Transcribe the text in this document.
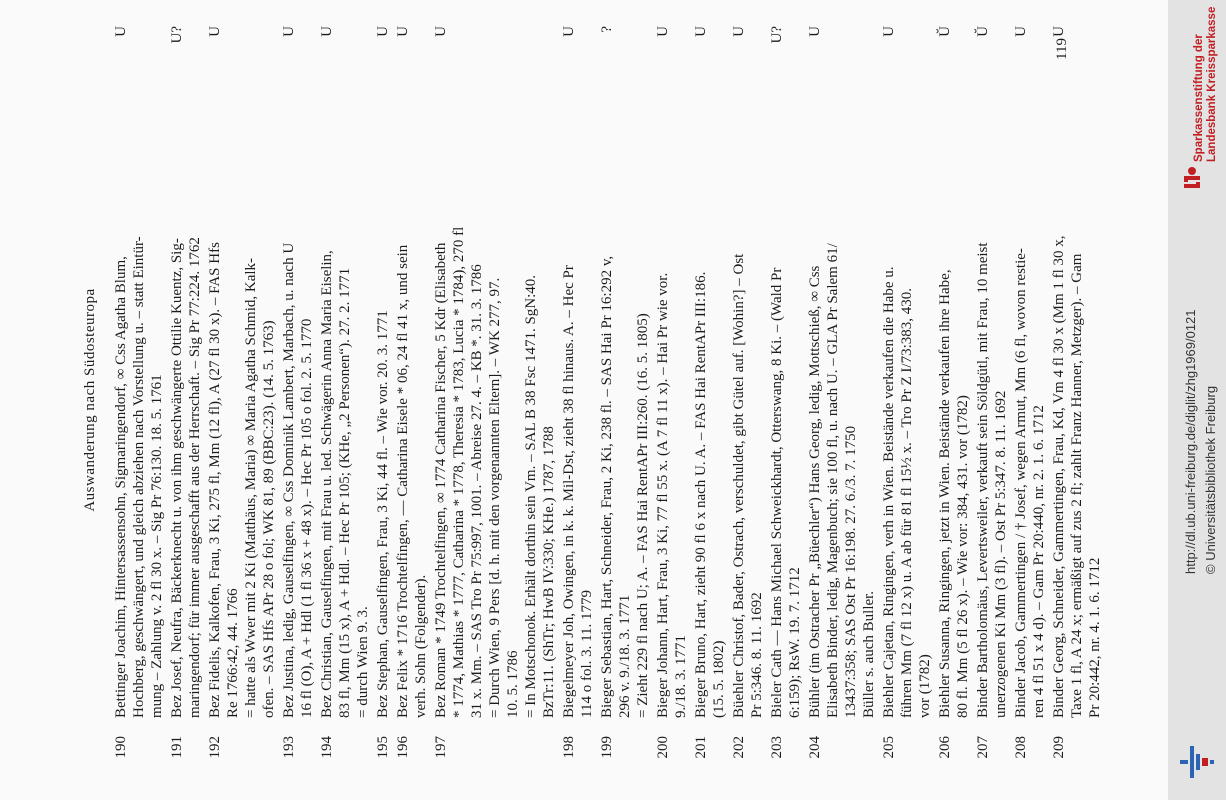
Auswanderung nach Südosteuropa
190
Bettinger Joachim, Hintersassensohn, Sigmaringendorf, ∞ Css Agatha Blum, Hochberg, geschwängert, und gleich abziehen nach Vorstellung u. – statt Eintür- mung – Zahlung v. 2 fl 30 x. – Sig Pr 76:130. 18. 5. 1761
U
191
Bez Josef, Neufra, Bäckerknecht u. von ihm geschwängerte Ottilie Kuentz, Sig- maringendorf; für immer ausgeschafft aus der Herrschaft. – Sig Pr 77:224. 1762
U?
192
Bez Fidelis, Kalkofen, Frau, 3 Ki, 275 fl, Mm (12 fl), A (27 fl 30 x). – FAS Hfs Re 1766:42, 44. 1766 = hatte als Wwer mit 2 Ki (Matthäus, Maria) ∞ Maria Agatha Schmid, Kalk- ofen. – SAS Hfs APr 28 o fol; WK 81, 89 (BBC:23). (14. 5. 1763)
U
193
Bez Justina, ledig, Gauselfingen, ∞ Css Dominik Lambert, Marbach, u. nach U 16 fl (O), A + Hdl (1 fl 36 x + 48 x). – Hec Pr 105 o fol. 2. 5. 1770
U
194
Bez Christian, Gauselfingen, mit Frau u. led. Schwägerin Anna Maria Eiselin, 83 fl, Mm (15 x), A + Hdl. – Hec Pr 105; (KHe, „2 Personen“). 27. 2. 1771 = durch Wien 9. 3.
U
195
Bez Stephan, Gauselfingen, Frau, 3 Ki, 44 fl. – Wie vor. 20. 3. 1771
U
196
Bez Felix * 1716 Trochtelfingen, –– Catharina Eisele * 06, 24 fl 41 x, und sein verh. Sohn (Folgender).
U
197
Bez Roman * 1749 Trochtelfingen, ∞ 1774 Catharina Fischer, 5 Kdr (Elisabeth * 1774, Mathias * 1777, Catharina * 1778, Theresia * 1783, Lucia * 1784), 270 fl 31 x. Mm. – SAS Tro Pr 75:997, 1001. – Abreise 27. 4. – KB *. 31. 3. 1786 = Durch Wien, 9 Pers [d. h. mit den vorgenannten Eltern]. – WK 277, 97. 10. 5. 1786 = In Motschonok. Erhält dorthin sein Vm. – SAL B 38 Fsc 1471. SgN:40. BzTr:11. (ShTr; HwB IV:330; KHe.) 1787, 1788
U
198
Biegelmeyer Joh, Owingen, in k. k. Mil-Dst, zieht 38 fl hinaus. A. – Hec Pr 114 o fol. 3. 11. 1779
U
199
Bieger Sebastian, Hart, Schneider, Frau, 2 Ki, 238 fl. – SAS Hai Pr 16:292 v, 296 v. 9./18. 3. 1771 = Zieht 229 fl nach U; A. – FAS Hai RentAPr III:260. (16. 5. 1805)
?
200
Bieger Johann, Hart, Frau, 3 Ki, 77 fl 55 x. (A 7 fl 11 x). – Hai Pr wie vor. 9./18. 3. 1771
U
201
Bieger Bruno, Hart, zieht 90 fl 6 x nach U. A. – FAS Hai RentAPr III:186. (15. 5. 1802)
U
202
Büehler Christof, Bader, Ostrach, verschuldet, gibt Gütel auf. [Wohin?] – Ost Pr 5:346. 8. 11. 1692
U
203
Bieler Cath –– Hans Michael Schweickhardt, Otterswang, 8 Ki. – (Wald Pr 6:159); RsW. 19. 7. 1712
U?
204
Bühler (im Ostracher Pr „Büechler“) Hans Georg, ledig, Mottschieß, ∞ Css Elisabeth Binder, ledig, Magenbuch; sie 100 fl, u. nach U. – GLA Pr Salem 61/ 13437:358; SAS Ost Pr 16:198. 27. 6./3. 7. 1750 Büller s. auch Buller.
U
205
Biehler Cajetan, Ringingen, verh in Wien. Beistände verkaufen die Habe u. führen Mm (7 fl 12 x) u. A ab für 81 fl 15½ x. – Tro Pr Z I/73:383, 430. vor (1782)
U
206
Biehler Susanna, Ringingen, jetzt in Wien. Beistände verkaufen ihre Habe, 80 fl. Mm (5 fl 26 x). – Wie vor: 384, 431. vor (1782)
Ŭ
207
Binder Bartholomäus, Levertsweiler, verkauft sein Söldgütl, mit Frau, 10 meist unerzogenen Ki Mm (3 fl). – Ost Pr 5:347. 8. 11. 1692
Ŭ
208
Binder Jacob, Gammertingen / † Josef, wegen Armut, Mm (6 fl, wovon restie- ren 4 fl 51 x 4 d). – Gam Pr 20:440, nr. 2. 1. 6. 1712
U
209
Binder Georg, Schneider, Gammertingen, Frau, Kd, Vm 4 fl 30 x (Mm 1 fl 30 x, Taxe 1 fl, A 24 x; ermäßigt auf zus 2 fl; zahlt Franz Hanner, Metzger). – Gam Pr 20:442, nr. 4. 1. 6. 1712
U
119	Sparkassenstiftung der Landesbank Kreissparkasse
http://dl.ub.uni-freiburg.de/diglit/zhg1969/0121 © Universitätsbibliothek Freiburg
